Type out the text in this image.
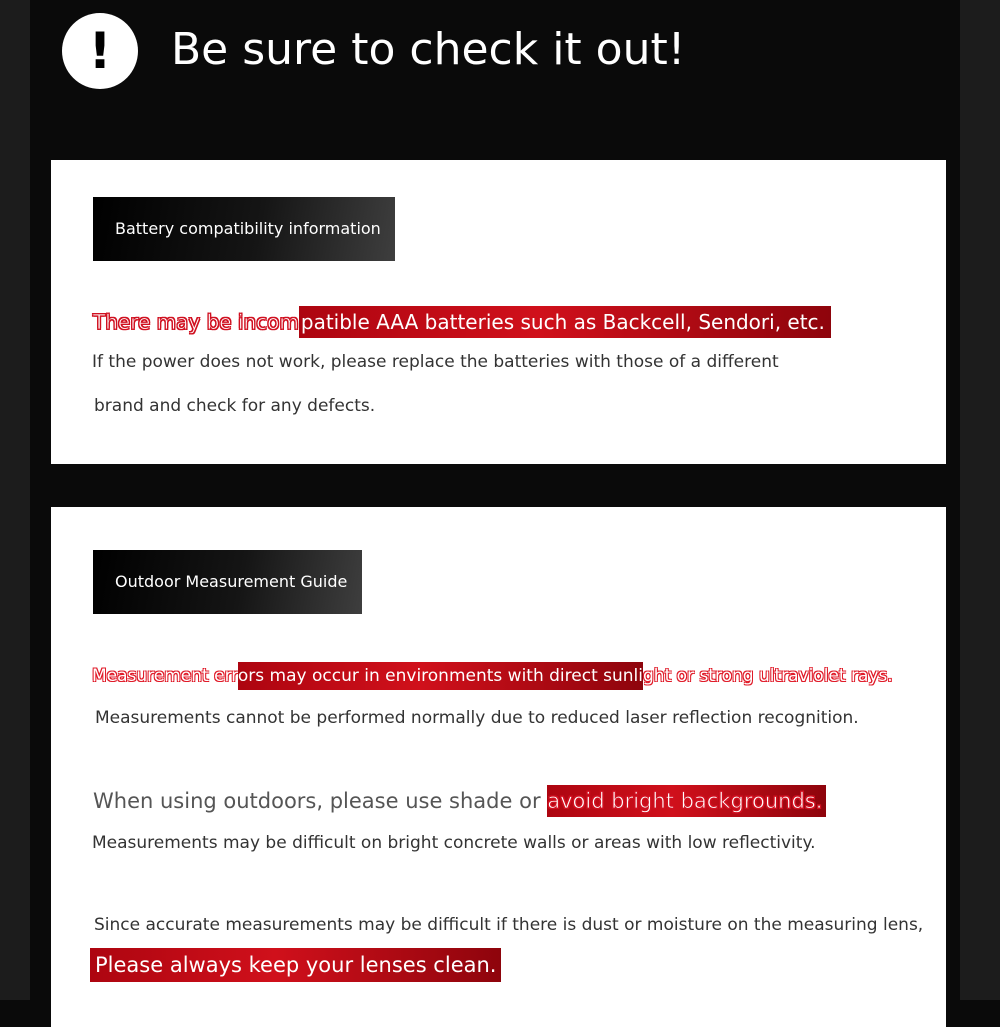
!	Be sure to check it out!
Battery compatibility information
There may be incom patible AAA batteries such as Backcell, Sendori, etc.
If the power does not work, please replace the batteries with those of a different
brand and check for any defects.
Outdoor Measurement Guide
Measurement errors may occur in environments with direct sunlight or strong ultraviolet rays.
Measurements cannot be performed normally due to reduced laser reflection recognition.
When using outdoors, please use shade or avoid bright backgrounds.
Measurements may be difficult on bright concrete walls or areas with low reflectivity.
Since accurate measurements may be difficult if there is dust or moisture on the measuring lens,
Please always keep your lenses clean.
